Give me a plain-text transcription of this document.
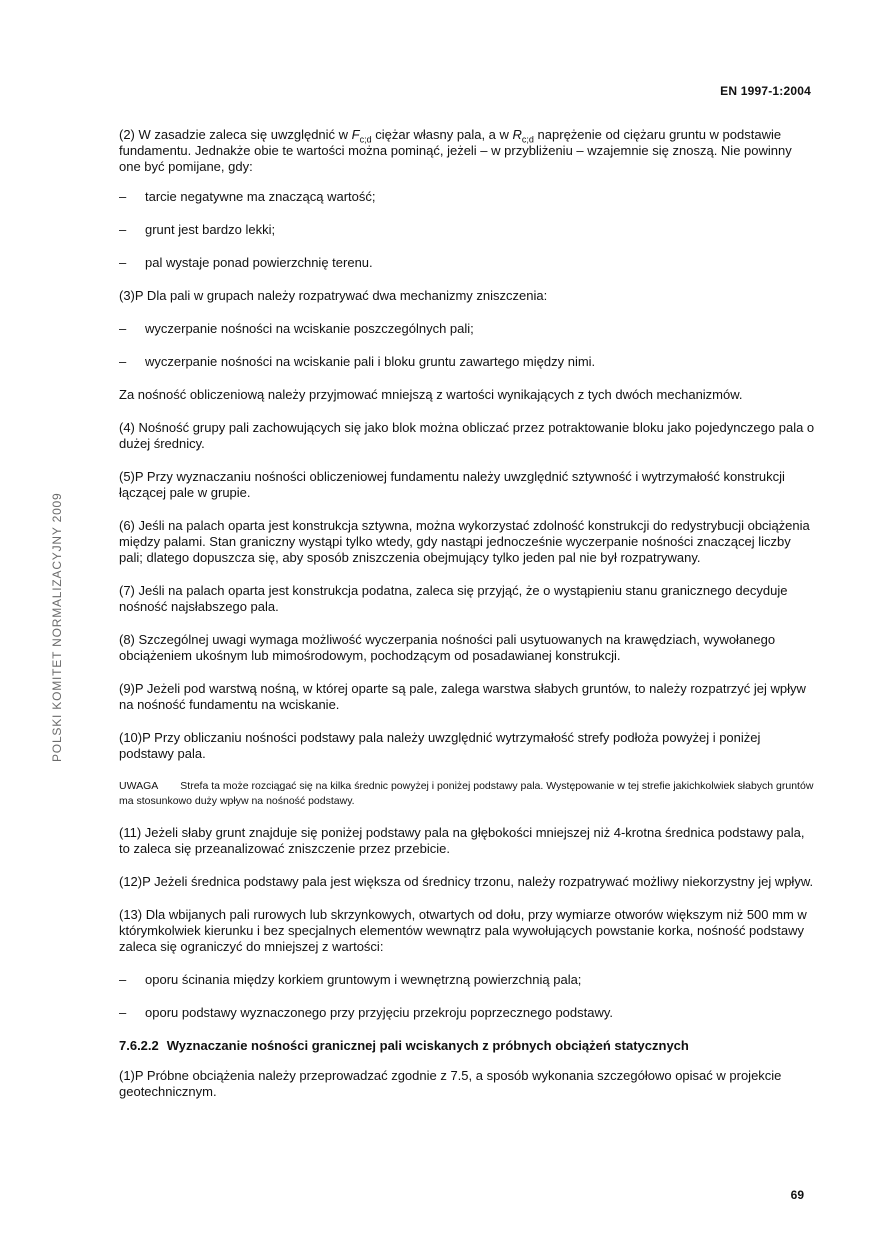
EN 1997-1:2004
POLSKI KOMITET NORMALIZACYJNY 2009

(2) W zasadzie zaleca się uwzględnić w $F_{c;d}$ ciężar własny pala, a w $R_{c;d}$ naprężenie od ciężaru gruntu w podstawie fundamentu. Jednakże obie te wartości można pominąć, jeżeli – w przybliżeniu – wzajemnie się znoszą. Nie powinny one być pomijane, gdy:

–	tarcie negatywne ma znaczącą wartość;
–	grunt jest bardzo lekki;
–	pal wystaje ponad powierzchnię terenu.

(3)P Dla pali w grupach należy rozpatrywać dwa mechanizmy zniszczenia:

–	wyczerpanie nośności na wciskanie poszczególnych pali;
–	wyczerpanie nośności na wciskanie pali i bloku gruntu zawartego między nimi.

Za nośność obliczeniową należy przyjmować mniejszą z wartości wynikających z tych dwóch mechanizmów.

(4) Nośność grupy pali zachowujących się jako blok można obliczać przez potraktowanie bloku jako pojedynczego pala o dużej średnicy.

(5)P Przy wyznaczaniu nośności obliczeniowej fundamentu należy uwzględnić sztywność i wytrzymałość konstrukcji łączącej pale w grupie.

(6) Jeśli na palach oparta jest konstrukcja sztywna, można wykorzystać zdolność konstrukcji do redystrybucji obciążenia między palami. Stan graniczny wystąpi tylko wtedy, gdy nastąpi jednocześnie wyczerpanie nośności znaczącej liczby pali; dlatego dopuszcza się, aby sposób zniszczenia obejmujący tylko jeden pal nie był rozpatrywany.

(7) Jeśli na palach oparta jest konstrukcja podatna, zaleca się przyjąć, że o wystąpieniu stanu granicznego decyduje nośność najsłabszego pala.

(8) Szczególnej uwagi wymaga możliwość wyczerpania nośności pali usytuowanych na krawędziach, wywołanego obciążeniem ukośnym lub mimośrodowym, pochodzącym od posadawianej konstrukcji.

(9)P Jeżeli pod warstwą nośną, w której oparte są pale, zalega warstwa słabych gruntów, to należy rozpatrzyć jej wpływ na nośność fundamentu na wciskanie.

(10)P Przy obliczaniu nośności podstawy pala należy uwzględnić wytrzymałość strefy podłoża powyżej i poniżej podstawy pala.

UWAGA Strefa ta może rozciągać się na kilka średnic powyżej i poniżej podstawy pala. Występowanie w tej strefie jakichkolwiek słabych gruntów ma stosunkowo duży wpływ na nośność podstawy.

(11) Jeżeli słaby grunt znajduje się poniżej podstawy pala na głębokości mniejszej niż 4-krotna średnica podstawy pala, to zaleca się przeanalizować zniszczenie przez przebicie.

(12)P Jeżeli średnica podstawy pala jest większa od średnicy trzonu, należy rozpatrywać możliwy niekorzystny jej wpływ.

(13) Dla wbijanych pali rurowych lub skrzynkowych, otwartych od dołu, przy wymiarze otworów większym niż 500 mm w którymkolwiek kierunku i bez specjalnych elementów wewnątrz pala wywołujących powstanie korka, nośność podstawy zaleca się ograniczyć do mniejszej z wartości:

–	oporu ścinania między korkiem gruntowym i wewnętrzną powierzchnią pala;
–	oporu podstawy wyznaczonego przy przyjęciu przekroju poprzecznego podstawy.
7.6.2.2 Wyznaczanie nośności granicznej pali wciskanych z próbnych obciążeń statycznych

(1)P Próbne obciążenia należy przeprowadzać zgodnie z 7.5, a sposób wykonania szczegółowo opisać w projekcie geotechnicznym.

69
